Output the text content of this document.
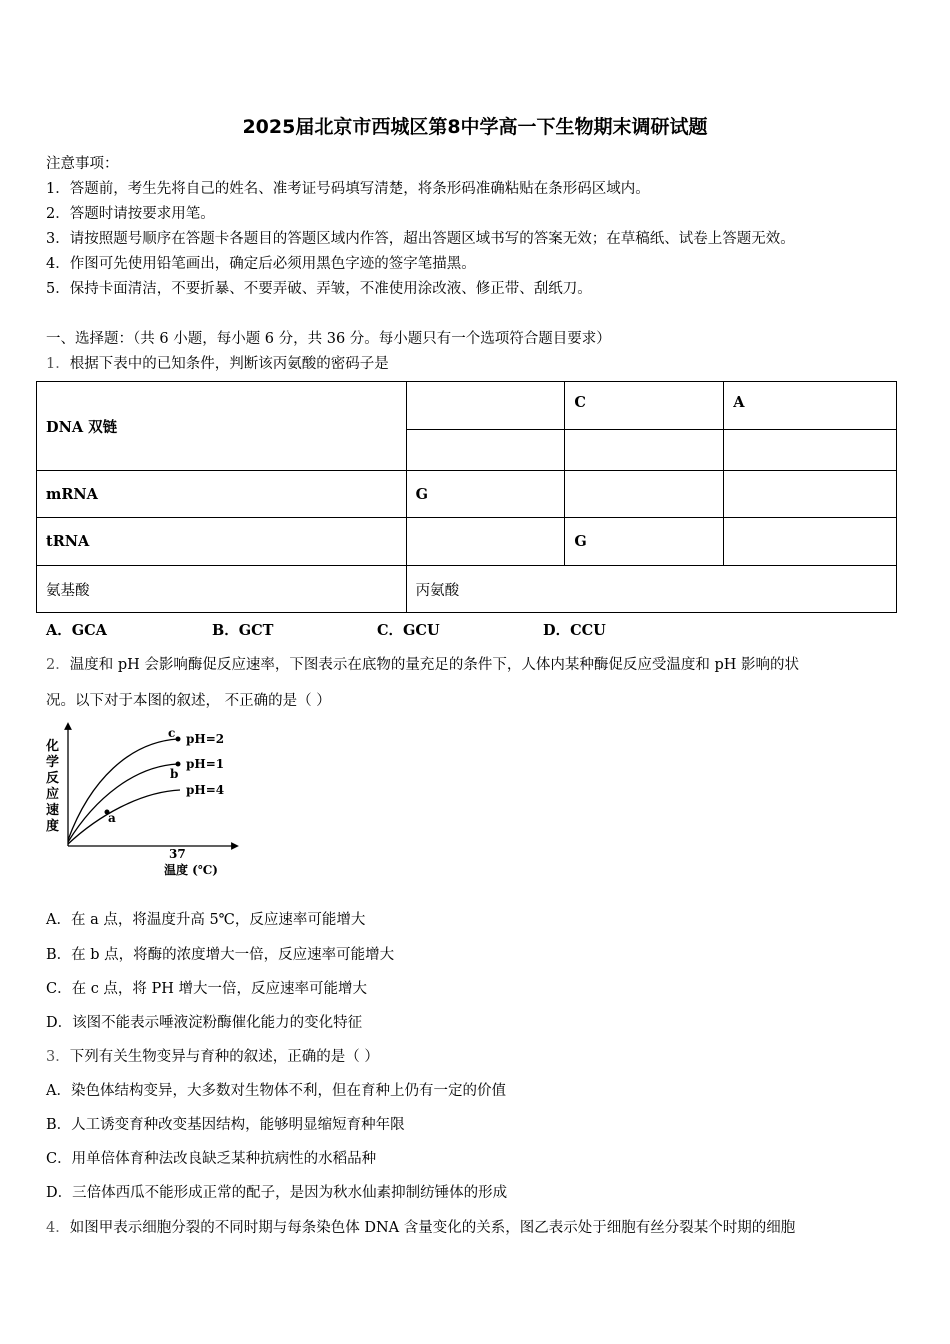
2025届北京市西城区第8中学高一下生物期末调研试题
注意事项：
1．答题前，考生先将自己的姓名、准考证号码填写清楚，将条形码准确粘贴在条形码区域内。
2．答题时请按要求用笔。
3．请按照题号顺序在答题卡各题目的答题区域内作答，超出答题区域书写的答案无效；在草稿纸、试卷上答题无效。
4．作图可先使用铅笔画出，确定后必须用黑色字迹的签字笔描黑。
5．保持卡面清洁，不要折暴、不要弄破、弄皱，不准使用涂改液、修正带、刮纸刀。
一、选择题：（共 6 小题，每小题 6 分，共 36 分。每小题只有一个选项符合题目要求）
1．根据下表中的已知条件，判断该丙氨酸的密码子是
DNA 双链		C	A

mRNA	G		
tRNA		G	
氨基酸	丙氨酸		
A．GCA	B．GCT	C．GCU	D．CCU
2．温度和 pH 会影响酶促反应速率，下图表示在底物的量充足的条件下，人体内某种酶促反应受温度和 pH 影响的状
况。以下对于本图的叙述， 不正确的是（ ）
c
b
a
pH=2
pH=1
pH=4
37
温度 (℃)
化
学
反
应
速
度
A．在 a 点，将温度升高 5℃，反应速率可能增大
B．在 b 点，将酶的浓度增大一倍，反应速率可能增大
C．在 c 点，将 PH 增大一倍，反应速率可能增大
D．该图不能表示唾液淀粉酶催化能力的变化特征
3．下列有关生物变异与育种的叙述，正确的是（ ）
A．染色体结构变异，大多数对生物体不利，但在育种上仍有一定的价值
B．人工诱变育种改变基因结构，能够明显缩短育种年限
C．用单倍体育种法改良缺乏某种抗病性的水稻品种
D．三倍体西瓜不能形成正常的配子，是因为秋水仙素抑制纺锤体的形成
4．如图甲表示细胞分裂的不同时期与每条染色体 DNA 含量变化的关系，图乙表示处于细胞有丝分裂某个时期的细胞
